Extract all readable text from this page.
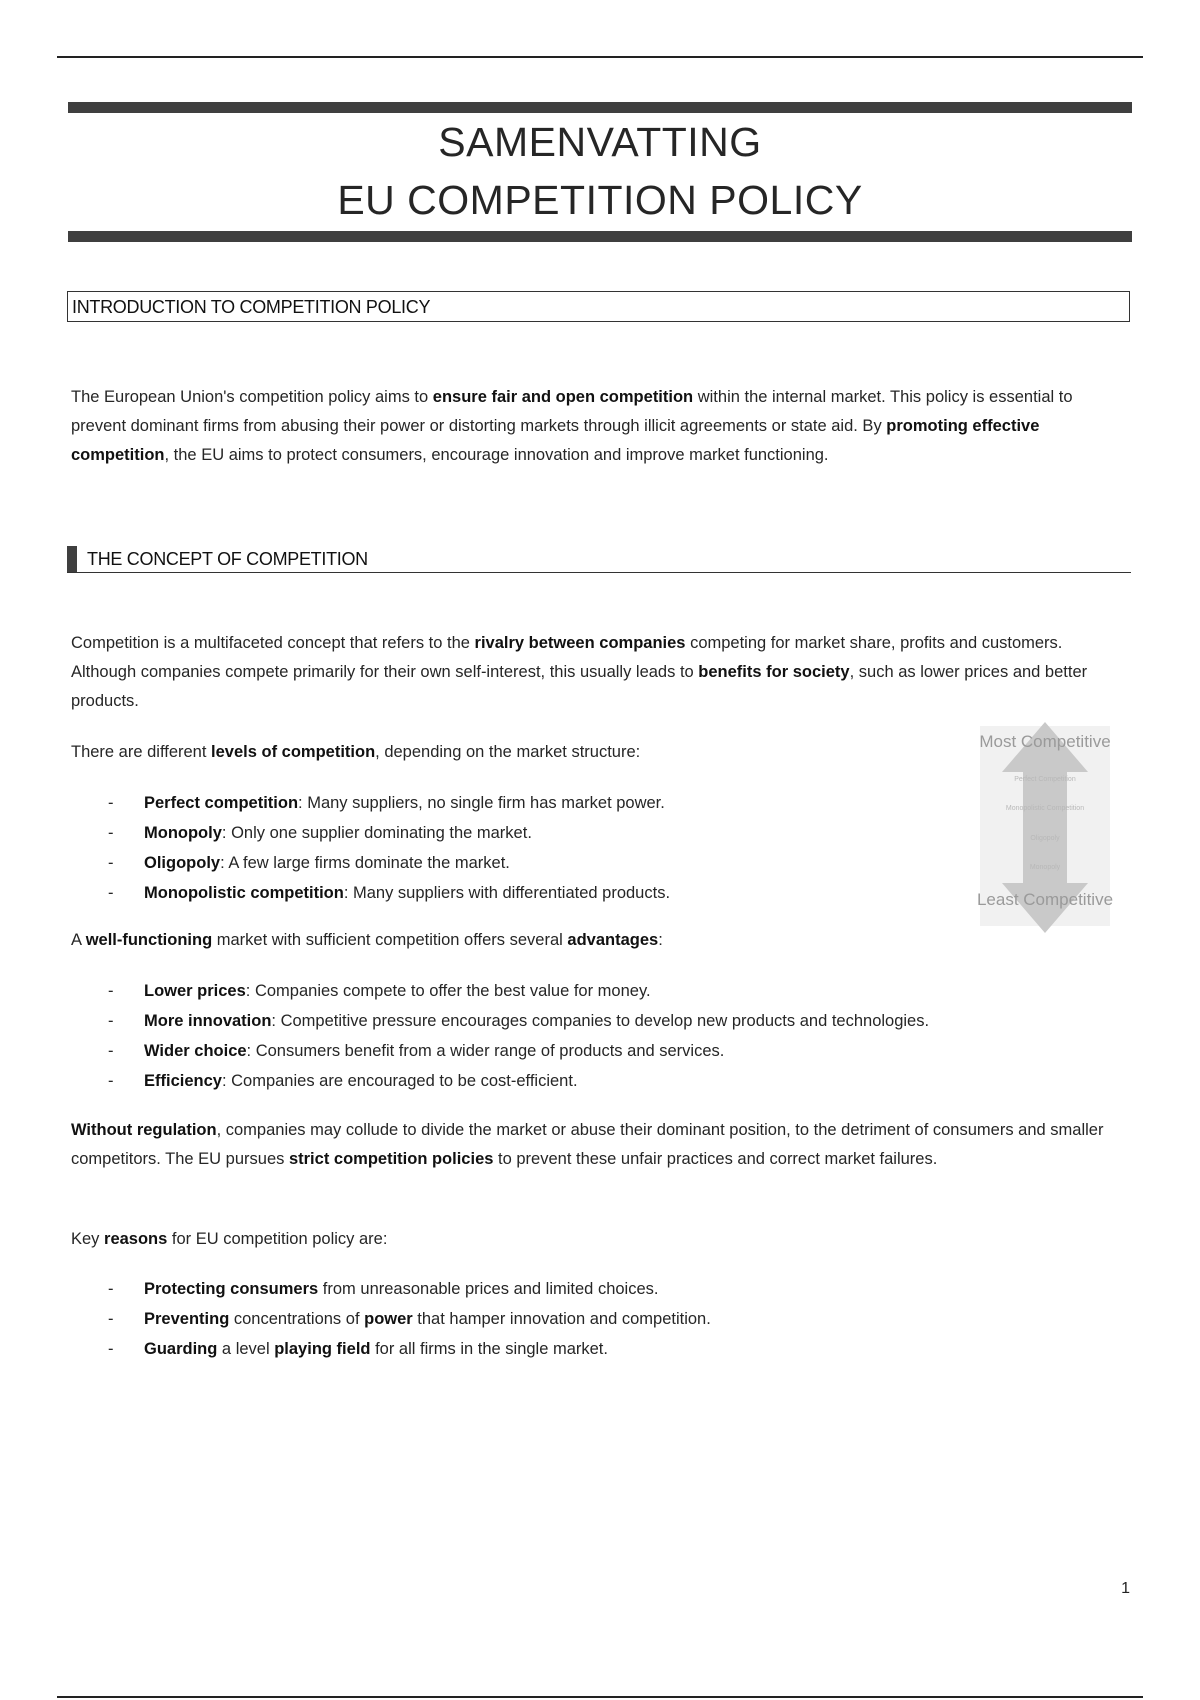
SAMENVATTING
EU COMPETITION POLICY
INTRODUCTION TO COMPETITION POLICY

The European Union's competition policy aims to ensure fair and open competition within the internal market. This policy is essential to prevent dominant firms from abusing their power or distorting markets through illicit agreements or state aid. By promoting effective competition, the EU aims to protect consumers, encourage innovation and improve market functioning.

THE CONCEPT OF COMPETITION

Competition is a multifaceted concept that refers to the rivalry between companies competing for market share, profits and customers. Although companies compete primarily for their own self-interest, this usually leads to benefits for society, such as lower prices and better products.

There are different levels of competition, depending on the market structure:

- Perfect competition: Many suppliers, no single firm has market power.
- Monopoly: Only one supplier dominating the market.
- Oligopoly: A few large firms dominate the market.
- Monopolistic competition: Many suppliers with differentiated products.
Most Competitive
Perfect Competition
Monopolistic Competition
Oligopoly
Monopoly
Least Competitive

A well-functioning market with sufficient competition offers several advantages:

- Lower prices: Companies compete to offer the best value for money.
- More innovation: Competitive pressure encourages companies to develop new products and technologies.
- Wider choice: Consumers benefit from a wider range of products and services.
- Efficiency: Companies are encouraged to be cost-efficient.

Without regulation, companies may collude to divide the market or abuse their dominant position, to the detriment of consumers and smaller competitors. The EU pursues strict competition policies to prevent these unfair practices and correct market failures.

Key reasons for EU competition policy are:

- Protecting consumers from unreasonable prices and limited choices.
- Preventing concentrations of power that hamper innovation and competition.
- Guarding a level playing field for all firms in the single market.
1
